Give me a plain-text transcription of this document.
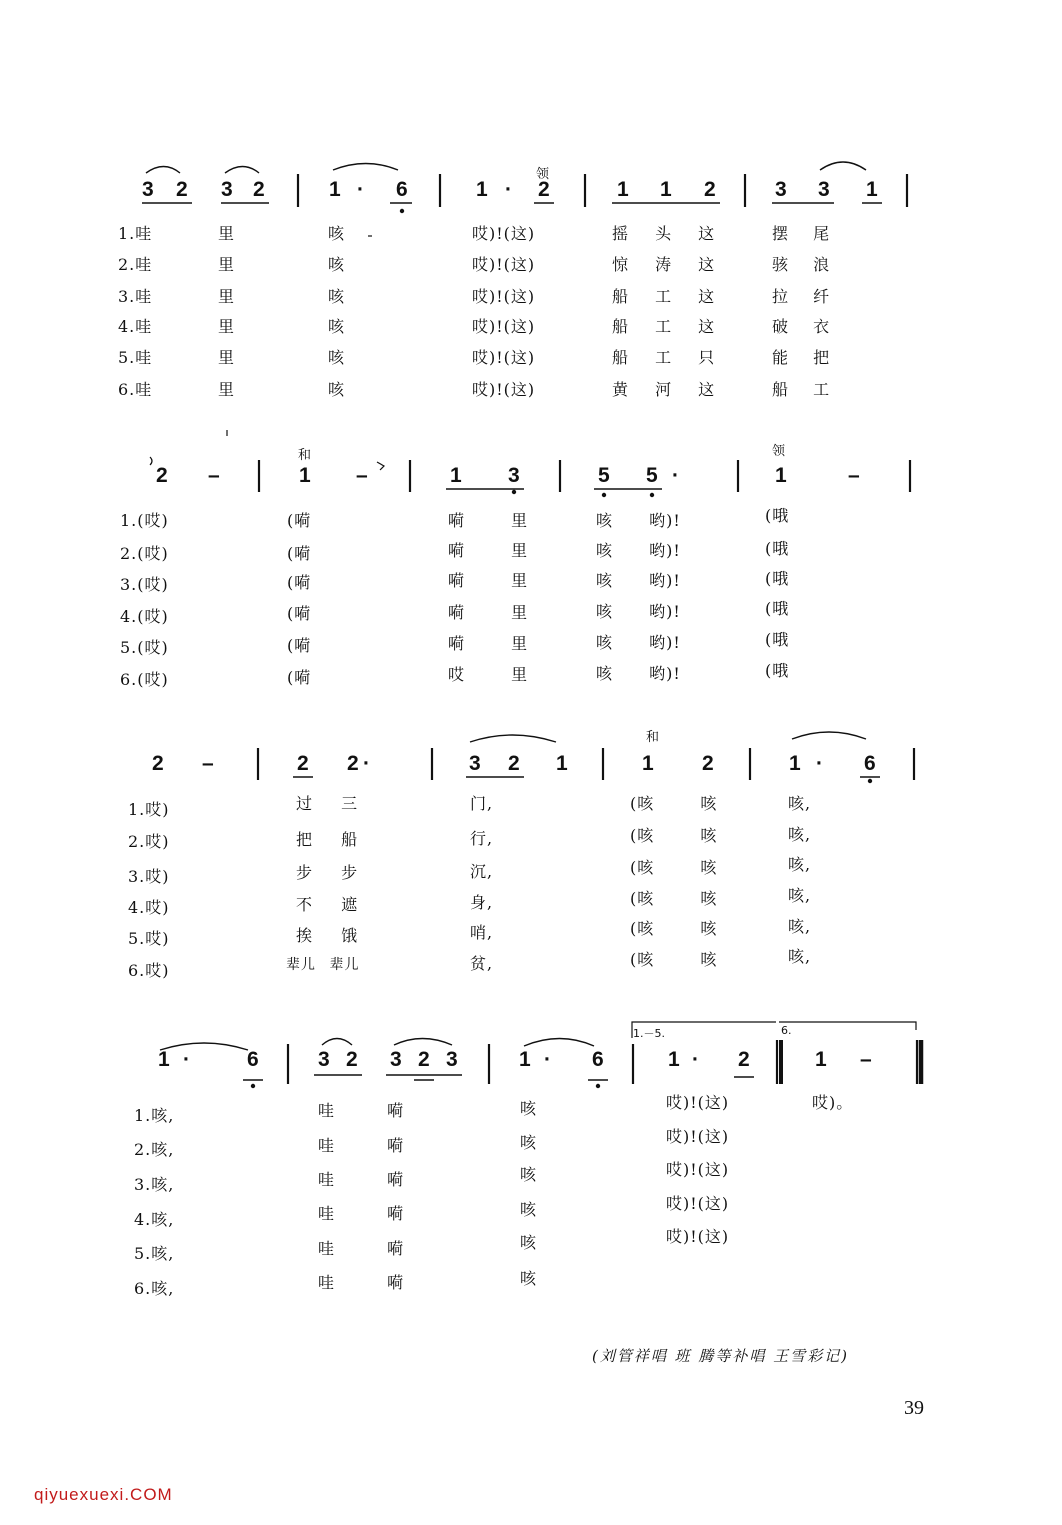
领
3 2 3 2	1 · 6	1 · 2	1 1 2	3 3 1
1.哇	里	咳	哎)!(这)	摇 头 这	摆 尾
2.哇	里	咳	哎)!(这)	惊 涛 这	骇 浪
3.哇	里	咳	哎)!(这)	船 工 这	拉 纤
4.哇	里	咳	哎)!(这)	船 工 这	破 衣
5.哇	里	咳	哎)!(这)	船 工 只	能 把
6.哇	里	咳	哎)!(这)	黄 河 这	船 工
和	领
2 –	1 –	1 3	5 5 ·	1	–
1.(哎)	(嗬	嗬 里	咳 哟)!	(哦
2.(哎)	(嗬	嗬 里	咳 哟)!	(哦
3.(哎)	(嗬	嗬 里	咳 哟)!	(哦
4.(哎)	(嗬	嗬 里	咳 哟)!	(哦
5.(哎)	(嗬	嗬 里	咳 哟)!	(哦
6.(哎)	(嗬	哎 里	咳 哟)!	(哦
和
2 –	2 2 ·	3 2 1	1 2	1 · 6
1.哎)	过 三	门,	(咳 咳	咳,
2.哎)	把 船	行,	(咳 咳	咳,
3.哎)	步 步	沉,	(咳 咳	咳,
4.哎)	不 遮	身,	(咳 咳	咳,
5.哎)	挨 饿	哨,	(咳 咳	咳,
6.哎)	辈儿 辈儿	贫,	(咳 咳	咳,
1.－5.	6.
1 ·	6	3 2 3 2 3	1 · 6	1 · 2	1 –
1.咳,	哇 嗬	咳	哎)!(这)	哎)。
2.咳,	哇 嗬	咳	哎)!(这)
3.咳,	哇 嗬	咳	哎)!(这)
4.咳,	哇 嗬	咳	哎)!(这)
5.咳,	哇 嗬	咳	哎)!(这)
6.咳,	哇 嗬	咳
(刘管祥唱 班 腾等补唱 王雪彩记)
39
qiyuexuexi.COM
